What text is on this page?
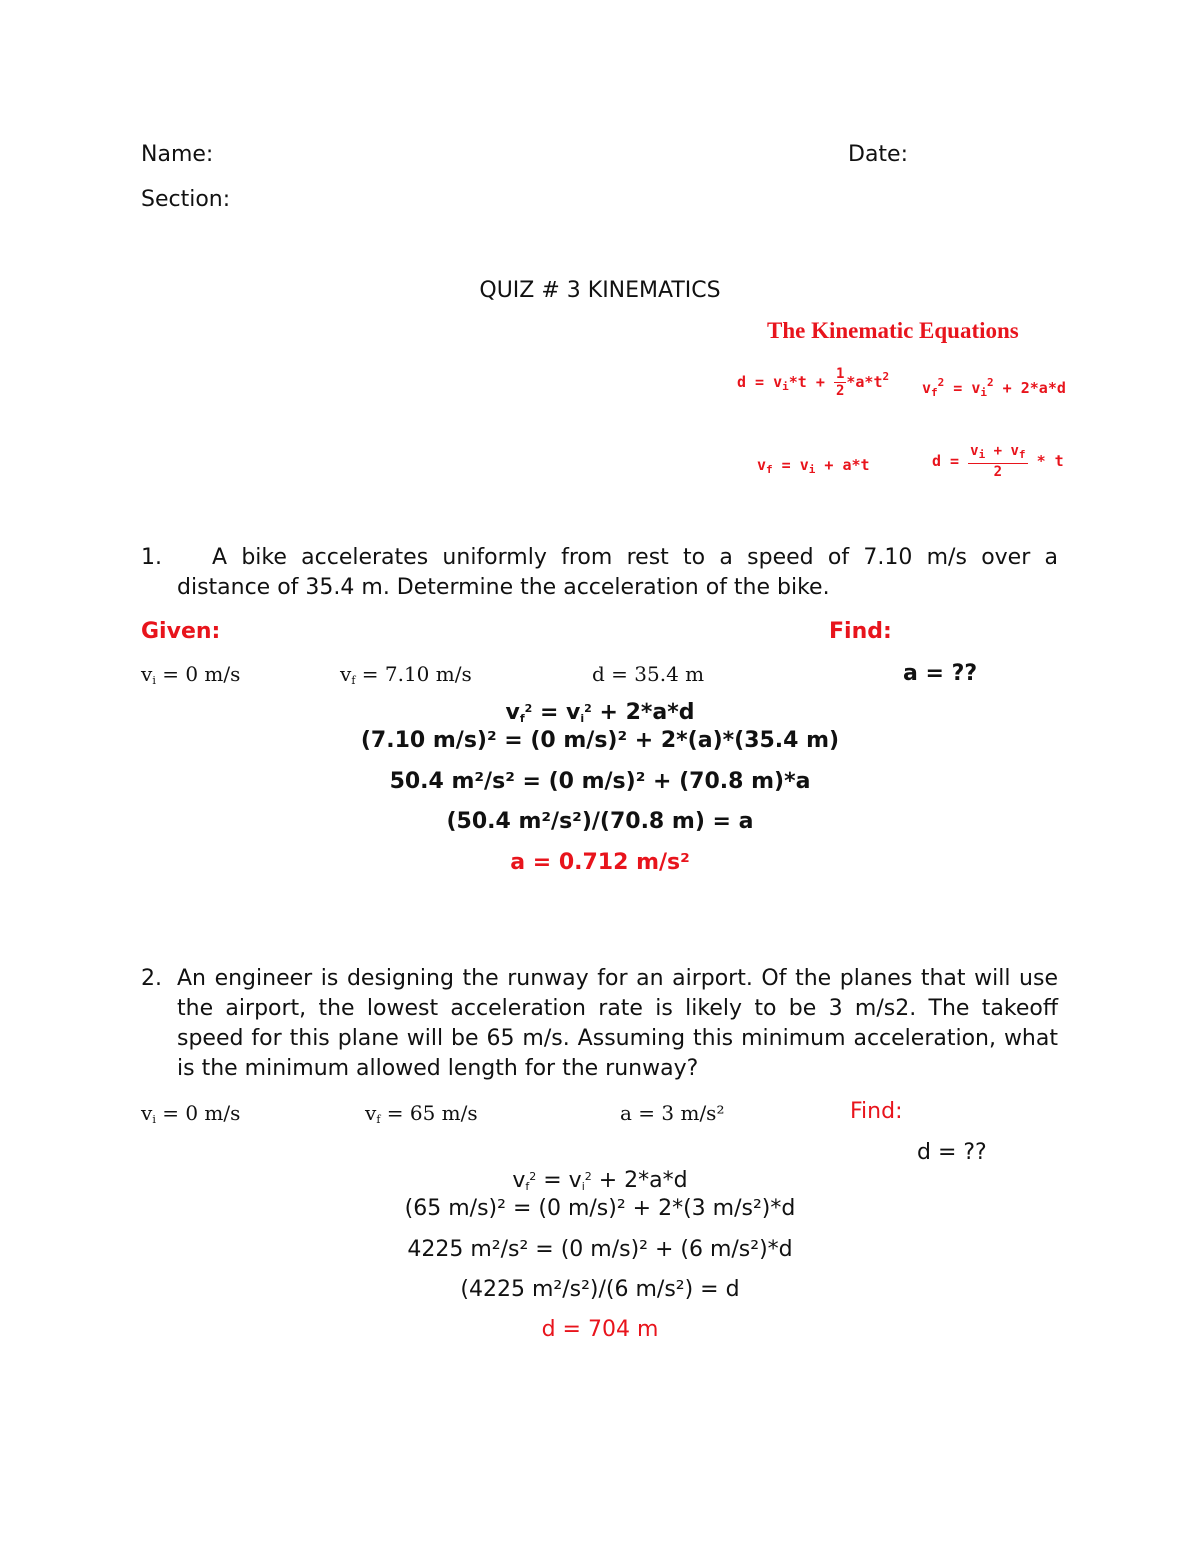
Name:	Date:
Section:
QUIZ # 3 KINEMATICS
The Kinematic Equations
$d = v_i*t + \frac{1}{2} *a*t^2$
$v_f^2 = v_i^2 + 2*a*d$
$v_f = v_i + a*t$	$d = \frac{v_i + v_f}{2} * t$
1.	A bike accelerates uniformly from rest to a speed of 7.10 m/s over a distance of 35.4 m. Determine the acceleration of the bike.
Given:	Find:
vi = 0 m/s	vf = 7.10 m/s	d = 35.4 m	a = ??
$vf^2 = vi^2 + 2*a*d$
(7.10 m/s)² = (0 m/s)² + 2*(a)*(35.4 m)
50.4 m²/s² = (0 m/s)² + (70.8 m)*a
(50.4 m²/s²)/(70.8 m) = a
a = 0.712 m/s²
2. An engineer is designing the runway for an airport. Of the planes that will use the airport, the lowest acceleration rate is likely to be 3 m/s2. The takeoff speed for this plane will be 65 m/s. Assuming this minimum acceleration, what is the minimum allowed length for the runway?
vi = 0 m/s	vf = 65 m/s	a = 3 m/s²	Find:
d = ??
$vf^2 = vi^2 + 2*a*d$
(65 m/s)² = (0 m/s)² + 2*(3 m/s²)*d
4225 m²/s² = (0 m/s)² + (6 m/s²)*d
(4225 m²/s²)/(6 m/s²) = d
d = 704 m
